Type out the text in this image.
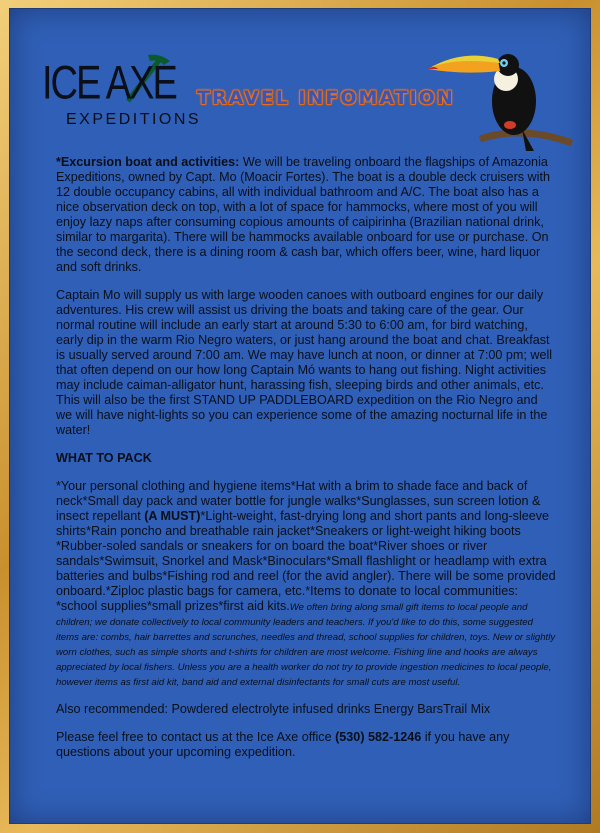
ICE AXE
EXPEDITIONS
TRAVEL INFOMATION

*Excursion boat and activities: We will be traveling onboard the flagships of Amazonia Expeditions, owned by Capt. Mo (Moacir Fortes). The boat is a double deck cruisers with 12 double occupancy cabins, all with individual bathroom and A/C. The boat also has a nice observation deck on top, with a lot of space for hammocks, where most of you will enjoy lazy naps after consuming copious amounts of caipirinha (Brazilian national drink, similar to margarita). There will be hammocks available onboard for use or purchase. On the second deck, there is a dining room & cash bar, which offers beer, wine, hard liquor and soft drinks.

Captain Mo will supply us with large wooden canoes with outboard engines for our daily adventures. His crew will assist us driving the boats and taking care of the gear. Our normal routine will include an early start at around 5:30 to 6:00 am, for bird watching, early dip in the warm Rio Negro waters, or just hang around the boat and chat. Breakfast is usually served around 7:00 am. We may have lunch at noon, or dinner at 7:00 pm; well that often depend on our how long Captain Mó wants to hang out fishing. Night activities may include caiman-alligator hunt, harassing fish, sleeping birds and other animals, etc. This will also be the first STAND UP PADDLEBOARD expedition on the Rio Negro and we will have night-lights so you can experience some of the amazing nocturnal life in the water!

WHAT TO PACK

*Your personal clothing and hygiene items*Hat with a brim to shade face and back of neck*Small day pack and water bottle for jungle walks*Sunglasses, sun screen lotion & insect repellant (A MUST)*Light-weight, fast-drying long and short pants and long-sleeve shirts*Rain poncho and breathable rain jacket*Sneakers or light-weight hiking boots *Rubber-soled sandals or sneakers for on board the boat*River shoes or river sandals*Swimsuit, Snorkel and Mask*Binoculars*Small flashlight or headlamp with extra batteries and bulbs*Fishing rod and reel (for the avid angler). There will be some provided onboard.*Ziploc plastic bags for camera, etc.*Items to donate to local communities: *school supplies*small prizes*first aid kits.We often bring along small gift items to local people and children; we donate collectively to local community leaders and teachers. If you'd like to do this, some suggested items are: combs, hair barrettes and scrunches, needles and thread, school supplies for children, toys. New or slightly worn clothes, such as simple shorts and t-shirts for children are most welcome. Fishing line and hooks are always appreciated by local fishers. Unless you are a health worker do not try to provide ingestion medicines to local people, however items as first aid kit, band aid and external disinfectants for small cuts are most useful.

Also recommended: Powdered electrolyte infused drinks Energy BarsTrail Mix

Please feel free to contact us at the Ice Axe office (530) 582-1246 if you have any questions about your upcoming expedition.
